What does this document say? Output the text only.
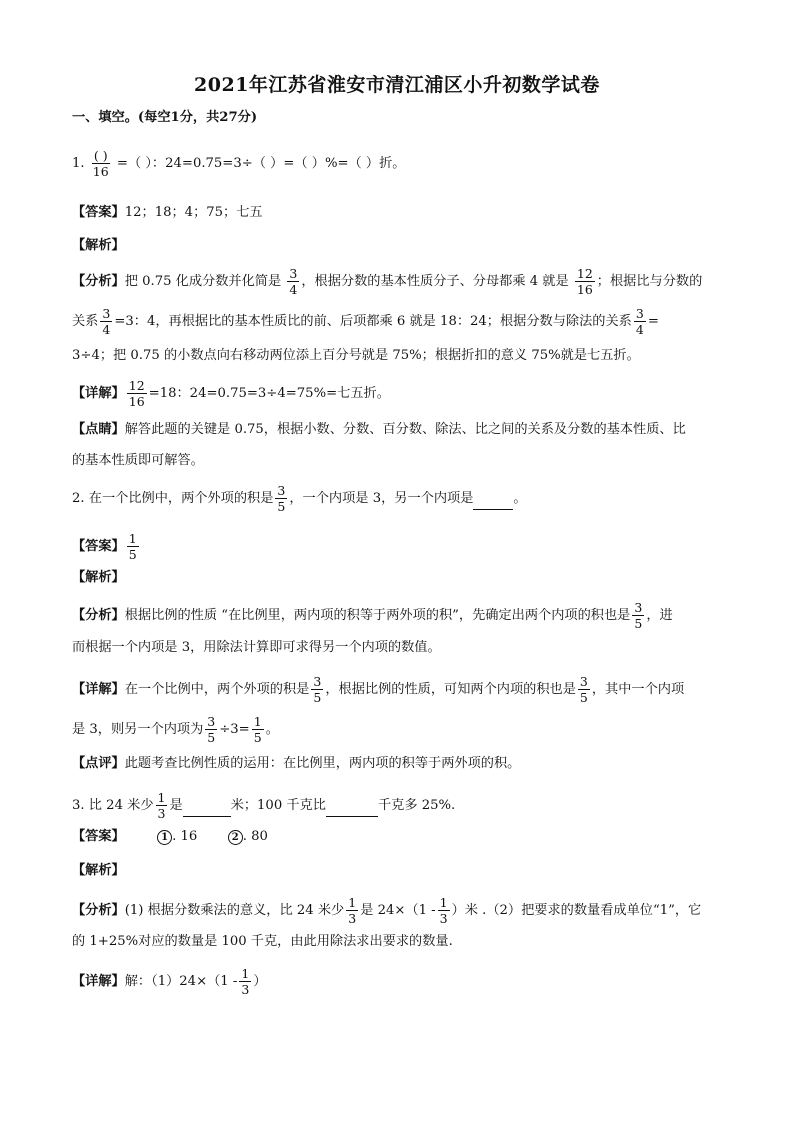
2021年江苏省淮安市清江浦区小升初数学试卷
一、填空。(每空1分，共27分)
1. $\frac{( )}{16}$ =（ ）：24=0.75=3÷（ ）=（ ）%=（ ）折。
【答案】12；18；4；75；七五
【解析】
【分析】把 0.75 化成分数并化简是 $\frac{3}{4}$ ，根据分数的基本性质分子、分母都乘 4 就是 $\frac{12}{16}$ ；根据比与分数的
关系 $\frac{3}{4} =3$：4，再根据比的基本性质比的前、后项都乘 6 就是 18：24；根据分数与除法的关系 $\frac{3}{4}$ =
3÷4；把 0.75 的小数点向右移动两位添上百分号就是 75%；根据折扣的意义 75%就是七五折。
【详解】 $\frac{12}{16} =18$：24=0.75=3÷4=75%=七五折。
【点睛】解答此题的关键是 0.75，根据小数、分数、百分数、除法、比之间的关系及分数的基本性质、比
的基本性质即可解答。
2. 在一个比例中，两个外项的积是 $\frac{3}{5}$ ，一个内项是 3，另一个内项是	。
【答案】 $\frac{1}{5}$
【解析】
【分析】根据比例的性质 “在比例里，两内项的积等于两外项的积”，先确定出两个内项的积也是 $\frac{3}{5}$ ，进
而根据一个内项是 3，用除法计算即可求得另一个内项的数值。
【详解】在一个比例中，两个外项的积是 $\frac{3}{5}$ ，根据比例的性质，可知两个内项的积也是 $\frac{3}{5}$ ，其中一个内项
是 3，则另一个内项为 $\frac{3}{5} \div 3= \frac{1}{5}$ 。
【点评】此题考查比例性质的运用：在比例里，两内项的积等于两外项的积。
3. 比 24 米少 $\frac{1}{3}$ 是	米；100 千克比	千克多 25%.
【答案】	1 . 16	2 . 80
【解析】
【分析】(1) 根据分数乘法的意义，比 24 米少 $\frac{1}{3}$ 是 $24\times(1 - \frac{1}{3}$ ）米 .（2）把要求的数量看成单位“1”，它
的 1+25%对应的数量是 100 千克，由此用除法求出要求的数量.
【详解】解：$(1)24\times(1 - \frac{1}{3}$ ）
